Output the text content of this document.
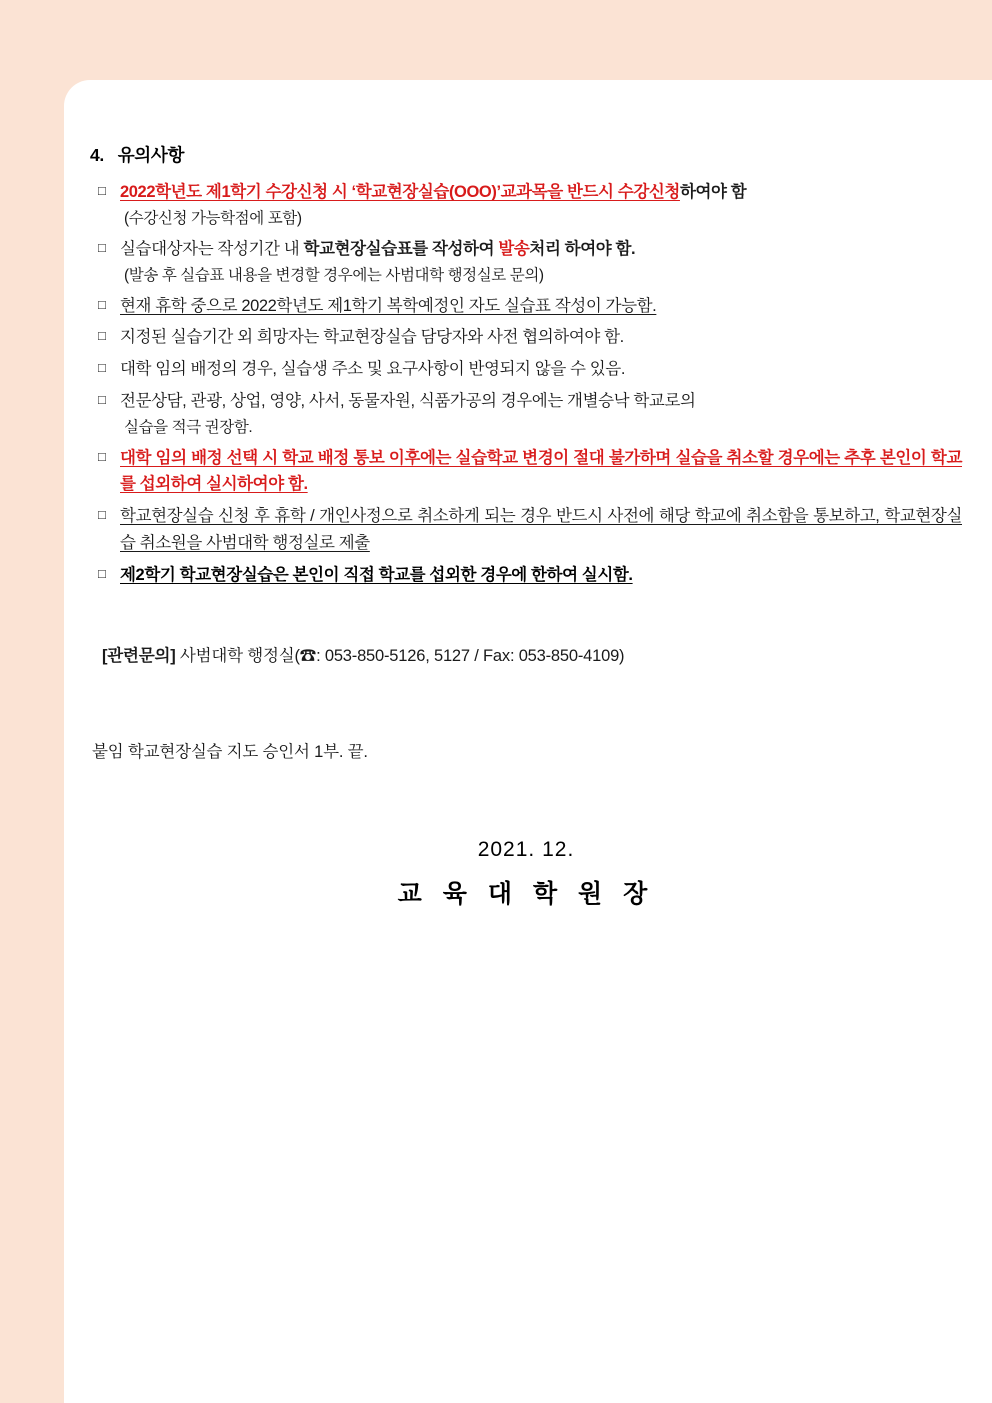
4. 유의사항
□ 2022학년도 제1학기 수강신청 시 ‘학교현장실습(OOO)’교과목을 반드시 수강신청하여야 함
(수강신청 가능학점에 포함)
□ 실습대상자는 작성기간 내 학교현장실습표를 작성하여 발송처리 하여야 함.
(발송 후 실습표 내용을 변경할 경우에는 사범대학 행정실로 문의)
□ 현재 휴학 중으로 2022학년도 제1학기 복학예정인 자도 실습표 작성이 가능함.
□ 지정된 실습기간 외 희망자는 학교현장실습 담당자와 사전 협의하여야 함.
□ 대학 임의 배정의 경우, 실습생 주소 및 요구사항이 반영되지 않을 수 있음.
□ 전문상담, 관광, 상업, 영양, 사서, 동물자원, 식품가공의 경우에는 개별승낙 학교로의
실습을 적극 권장함.
□ 대학 임의 배정 선택 시 학교 배정 통보 이후에는 실습학교 변경이 절대 불가하며 실습을 취소할 경우에는 추후 본인이 학교를 섭외하여 실시하여야 함.
□ 학교현장실습 신청 후 휴학 / 개인사정으로 취소하게 되는 경우 반드시 사전에 해당 학교에 취소함을 통보하고, 학교현장실습 취소원을 사범대학 행정실로 제출
□ 제2학기 학교현장실습은 본인이 직접 학교를 섭외한 경우에 한하여 실시함.
[관련문의] 사범대학 행정실(☎: 053-850-5126, 5127 / Fax: 053-850-4109)
붙임 학교현장실습 지도 승인서 1부. 끝.
2021. 12.
교 육 대 학 원 장
